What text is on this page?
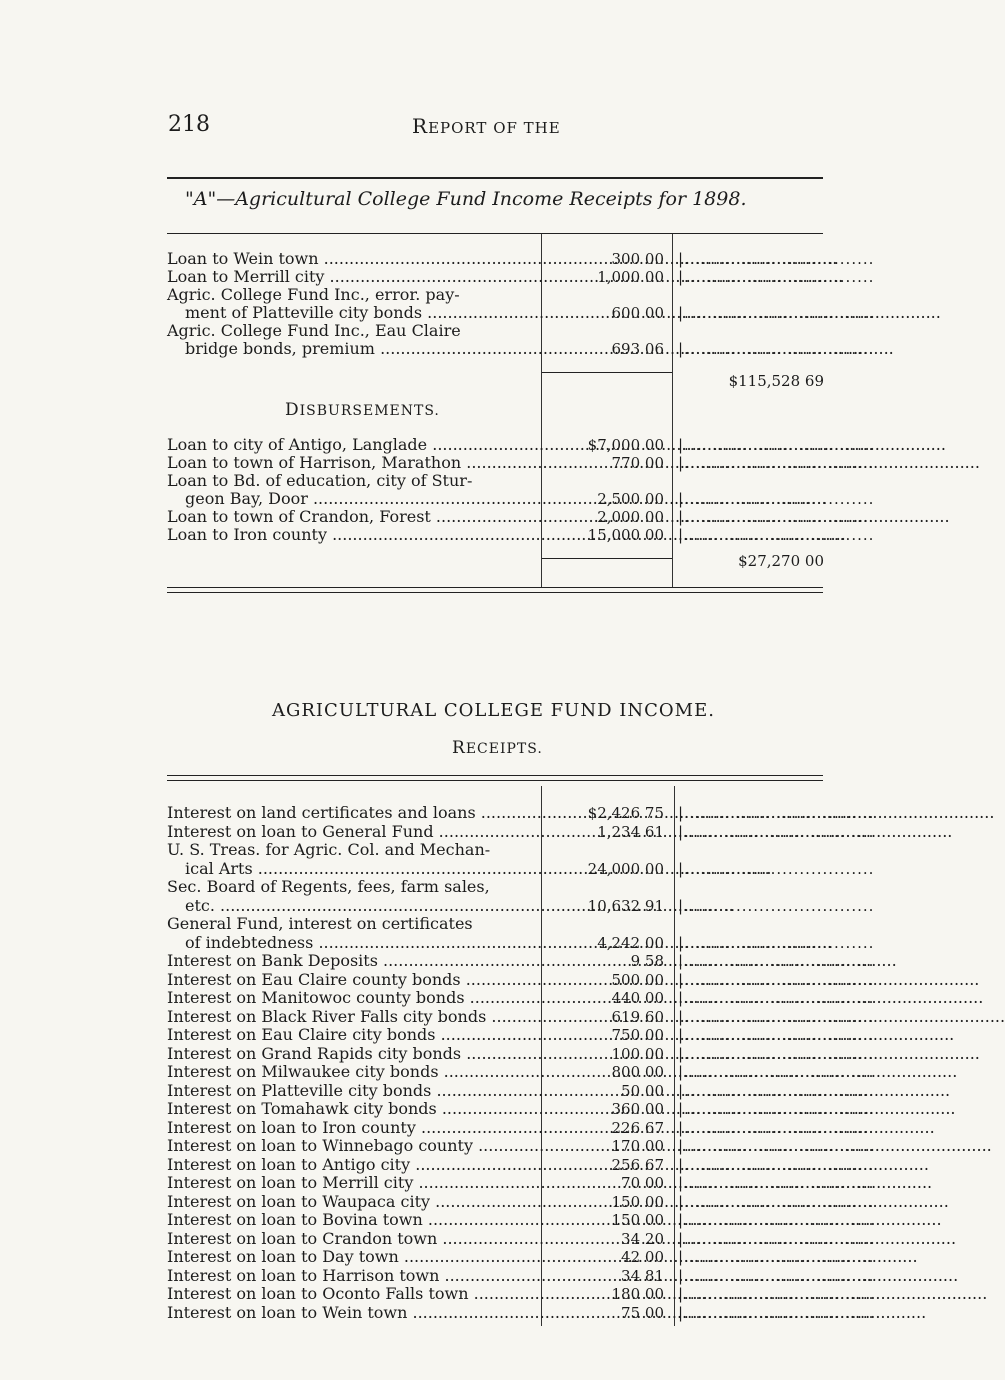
218	REPORT OF THE
"A"—Agricultural College Fund Income Receipts for 1898.
Loan to Wein town .....	300 00 |.................................
Loan to Merrill city .....	1,000 00 |.................................
Agric. College Fund Inc., error. pay-
ment of Platteville city bonds .....	600 00 |.................................
Agric. College Fund Inc., Eau Claire
bridge bonds, premium .....	693 06 |.................................
$115,528 69
DISBURSEMENTS.
Loan to city of Antigo, Langlade .....	$7,000 00 |.................................
Loan to town of Harrison, Marathon .....	770 00 |.................................
Loan to Bd. of education, city of Stur-
geon Bay, Door .....	2,500 00 |.................................
Loan to town of Crandon, Forest .....	2,000 00 |.................................
Loan to Iron county .....	15,000 00 |.................................
$27,270 00
AGRICULTURAL COLLEGE FUND INCOME.
RECEIPTS.
Interest on land certificates and loans .....	$2,426 75 |.................................
Interest on loan to General Fund .....	1,234 61 |.................................
U. S. Treas. for Agric. Col. and Mechan-
ical Arts .....	24,000 00 |.................................
Sec. Board of Regents, fees, farm sales,
etc. .....	10,632 91 |.................................
General Fund, interest on certificates
of indebtedness .....	4,242 00 |.................................
Interest on Bank Deposits .....	9 58 |.................................
Interest on Eau Claire county bonds .....	500 00 |.................................
Interest on Manitowoc county bonds .....	440 00 |.................................
Interest on Black River Falls city bonds .....	619 60 |.................................
Interest on Eau Claire city bonds .....	750 00 |.................................
Interest on Grand Rapids city bonds .....	100 00 |.................................
Interest on Milwaukee city bonds .....	800 00 |.................................
Interest on Platteville city bonds .....	50 00 |.................................
Interest on Tomahawk city bonds .....	360 00 |.................................
Interest on loan to Iron county .....	226 67 |.................................
Interest on loan to Winnebago county .....	170 00 |.................................
Interest on loan to Antigo city .....	256 67 |.................................
Interest on loan to Merrill city .....	70 00 |.................................
Interest on loan to Waupaca city .....	150 00 |.................................
Interest on loan to Bovina town .....	150 00 |.................................
Interest on loan to Crandon town .....	34 20 |.................................
Interest on loan to Day town .....	42 00 |.................................
Interest on loan to Harrison town .....	34 81 |.................................
Interest on loan to Oconto Falls town .....	180 00 |.................................
Interest on loan to Wein town .....	75 00 |.................................
